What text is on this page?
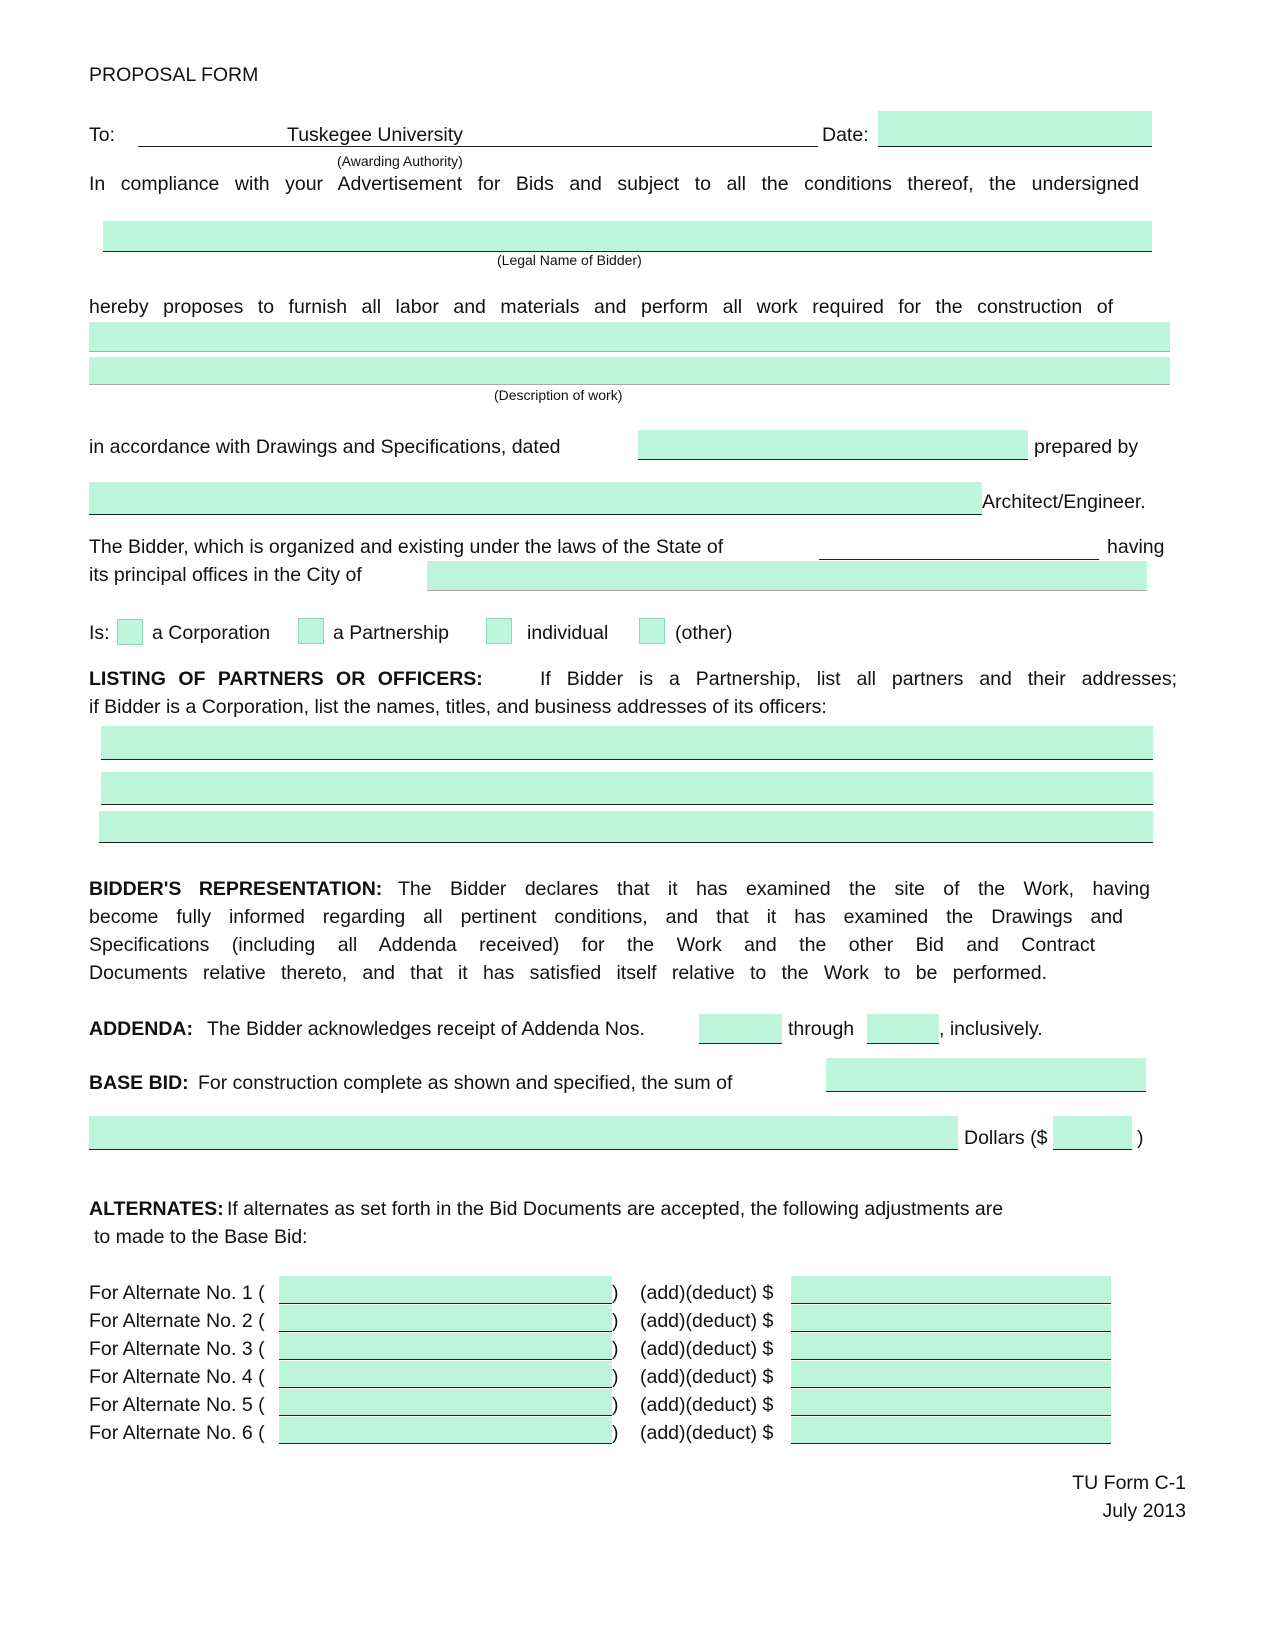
PROPOSAL FORM
To:	Tuskegee University
(Awarding Authority)
Date:
In compliance with your Advertisement for Bids and subject to all the conditions thereof, the undersigned
(Legal Name of Bidder)
hereby proposes to furnish all labor and materials and perform all work required for the construction of
(Description of work)
in accordance with Drawings and Specifications, dated	prepared by
Architect/Engineer.
The Bidder, which is organized and existing under the laws of the State of	having
its principal offices in the City of
Is: a Corporation	a Partnership	individual	(other)
LISTING OF PARTNERS OR OFFICERS:	If Bidder is a Partnership, list all partners and their addresses;
if Bidder is a Corporation, list the names, titles, and business addresses of its officers:
BIDDER'S REPRESENTATION: The Bidder declares that it has examined the site of the Work, having
become fully informed regarding all pertinent conditions, and that it has examined the Drawings and
Specifications (including all Addenda received) for the Work and the other Bid and Contract
Documents relative thereto, and that it has satisfied itself relative to the Work to be performed.
ADDENDA: The Bidder acknowledges receipt of Addenda Nos.	through	, inclusively.
BASE BID: For construction complete as shown and specified, the sum of
Dollars ($	)
ALTERNATES: If alternates as set forth in the Bid Documents are accepted, the following adjustments are
to made to the Base Bid:
For Alternate No. 1 (	) (add)(deduct) $
For Alternate No. 2 (	) (add)(deduct) $
For Alternate No. 3 (	) (add)(deduct) $
For Alternate No. 4 (	) (add)(deduct) $
For Alternate No. 5 (	) (add)(deduct) $
For Alternate No. 6 (	) (add)(deduct) $
TU Form C-1
July 2013
